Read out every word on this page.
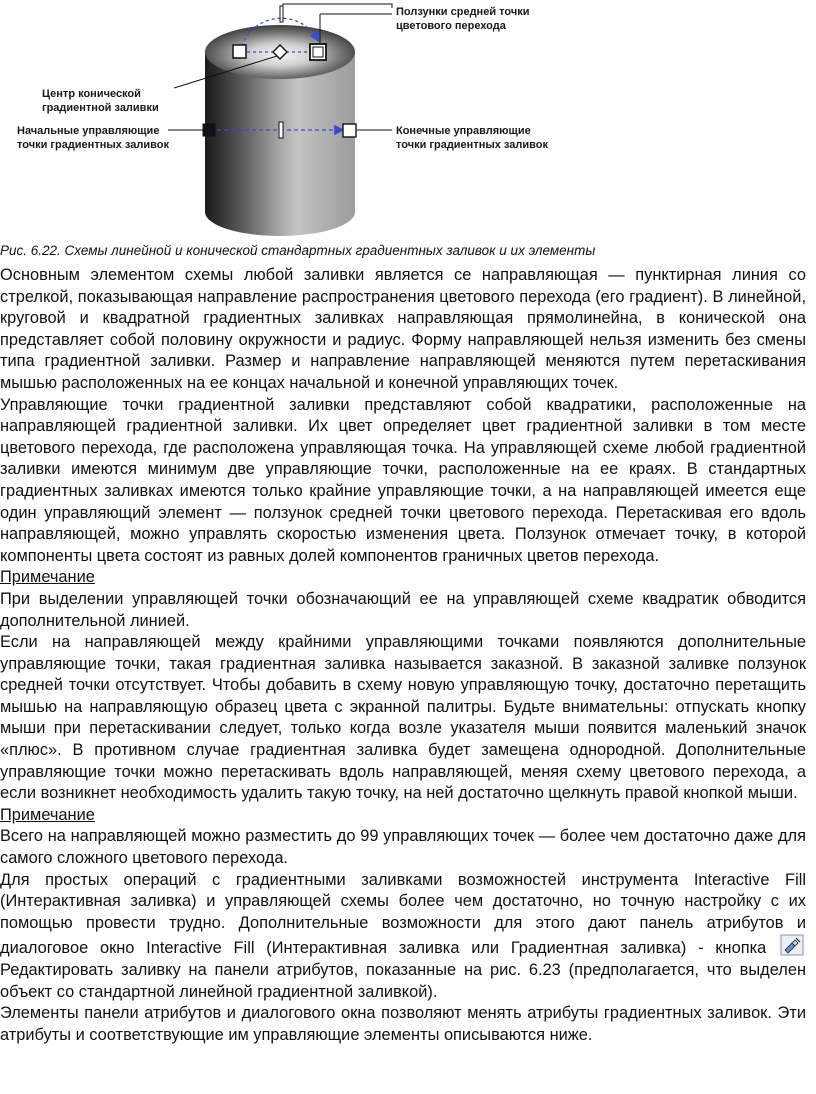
Ползунки средней точки
цветового перехода
Центр конической
градиентной заливки
Начальные управляющие
точки градиентных заливок
Конечные управляющие
точки градиентных заливок
Рис. 6.22. Схемы линейной и конической стандартных градиентных заливок и их элементы

Основным элементом схемы любой заливки является се направляющая — пунктирная линия со стрелкой, показывающая направление распространения цветового перехода (его градиент). В линейной, круговой и квадратной градиентных заливках направляющая прямолинейна, в конической она представляет собой половину окружности и радиус. Форму направляющей нельзя изменить без смены типа градиентной заливки. Размер и направление направляющей меняются путем перетаскивания мышью расположенных на ее концах начальной и конечной управляющих точек.

Управляющие точки градиентной заливки представляют собой квадратики, расположенные на направляющей градиентной заливки. Их цвет определяет цвет градиентной заливки в том месте цветового перехода, где расположена управляющая точка. На управляющей схеме любой градиентной заливки имеются минимум две управляющие точки, расположенные на ее краях. В стандартных градиентных заливках имеются только крайние управляющие точки, а на направляющей имеется еще один управляющий элемент — ползунок средней точки цветового перехода. Перетаскивая его вдоль направляющей, можно управлять скоростью изменения цвета. Ползунок отмечает точку, в которой компоненты цвета состоят из равных долей компонентов граничных цветов перехода.

Примечание

При выделении управляющей точки обозначающий ее на управляющей схеме квадратик обводится дополнительной линией.

Если на направляющей между крайними управляющими точками появляются дополнительные управляющие точки, такая градиентная заливка называется заказной. В заказной заливке ползунок средней точки отсутствует. Чтобы добавить в схему новую управляющую точку, достаточно перетащить мышью на направляющую образец цвета с экранной палитры. Будьте внимательны: отпускать кнопку мыши при перетаскивании следует, только когда возле указателя мыши появится маленький значок «плюс». В противном случае градиентная заливка будет замещена однородной. Дополнительные управляющие точки можно перетаскивать вдоль направляющей, меняя схему цветового перехода, а если возникнет необходимость удалить такую точку, на ней достаточно щелкнуть правой кнопкой мыши.

Примечание

Всего на направляющей можно разместить до 99 управляющих точек — более чем достаточно даже для самого сложного цветового перехода.

Для простых операций с градиентными заливками возможностей инструмента Interactive Fill (Интерактивная заливка) и управляющей схемы более чем достаточно, но точную настройку с их помощью провести трудно. Дополнительные возможности для этого дают панель атрибутов и диалоговое окно Interactive Fill (Интерактивная заливка или Градиентная заливка) - кнопка  Редактировать заливку на панели атрибутов, показанные на рис. 6.23 (предполагается, что выделен объект со стандартной линейной градиентной заливкой).

Элементы панели атрибутов и диалогового окна позволяют менять атрибуты градиентных заливок. Эти атрибуты и соответствующие им управляющие элементы описываются ниже.
